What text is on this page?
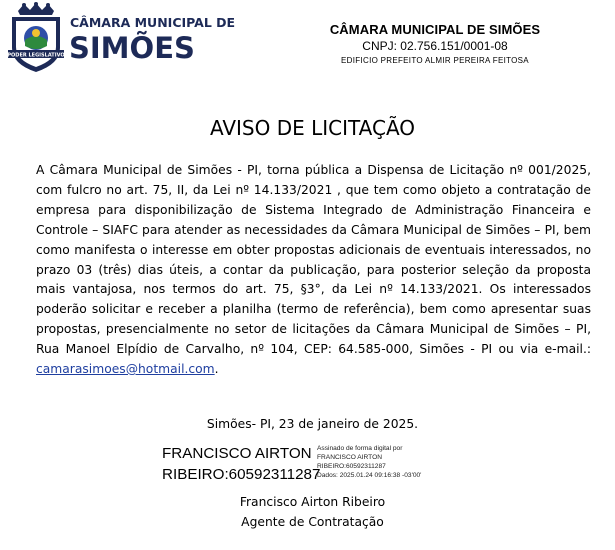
PODER LEGISLATIVO
CÂMARA MUNICIPAL DE
SIMÕES
CÂMARA MUNICIPAL DE SIMÕES
CNPJ: 02.756.151/0001-08
EDIFICIO PREFEITO ALMIR PEREIRA FEITOSA
AVISO DE LICITAÇÃO
A Câmara Municipal de Simões - PI, torna pública a Dispensa de Licitação nº 001/2025, com fulcro no art. 75, II, da Lei nº 14.133/2021 , que tem como objeto a contratação de empresa para disponibilização de Sistema Integrado de Administração Financeira e Controle – SIAFC para atender as necessidades da Câmara Municipal de Simões – PI, bem como manifesta o interesse em obter propostas adicionais de eventuais interessados, no prazo 03 (três) dias úteis, a contar da publicação, para posterior seleção da proposta mais vantajosa, nos termos do art. 75, §3°, da Lei nº 14.133/2021. Os interessados poderão solicitar e receber a planilha (termo de referência), bem como apresentar suas propostas, presencialmente no setor de licitações da Câmara Municipal de Simões – PI, Rua Manoel Elpídio de Carvalho, nº 104, CEP: 64.585-000, Simões - PI ou via e-mail.: camarasimoes@hotmail.com.
Simões- PI, 23 de janeiro de 2025.
FRANCISCO AIRTON
RIBEIRO:60592311287
Assinado de forma digital por
FRANCISCO AIRTON
RIBEIRO:60592311287
Dados: 2025.01.24 09:16:38 -03'00'
Francisco Airton Ribeiro
Agente de Contratação
